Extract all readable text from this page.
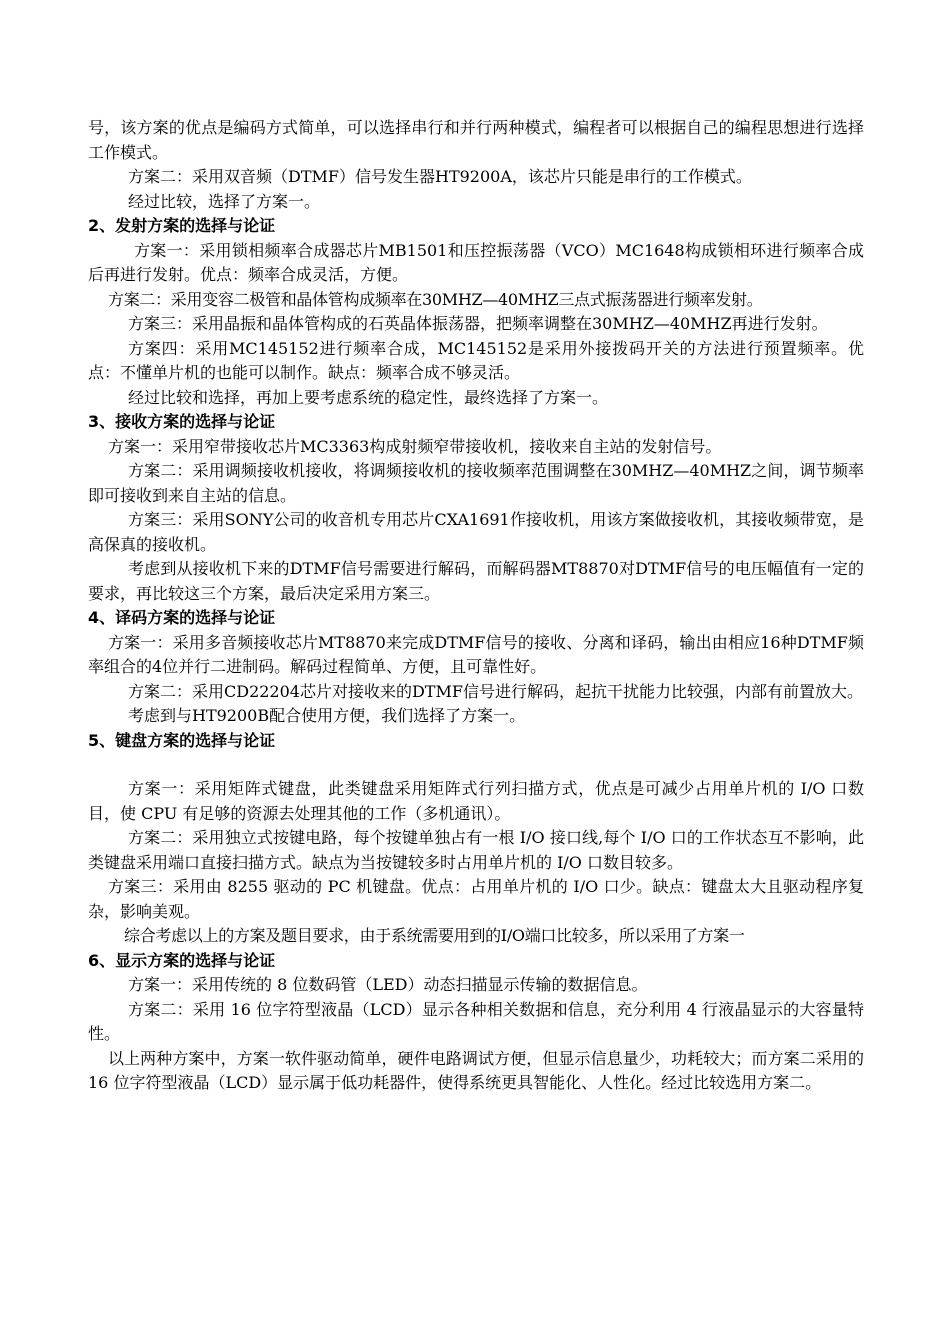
号，该方案的优点是编码方式简单，可以选择串行和并行两种模式，编程者可以根据自己的编程思想进行选择工作模式。

方案二：采用双音频（DTMF）信号发生器HT9200A，该芯片只能是串行的工作模式。

经过比较，选择了方案一。

2、发射方案的选择与论证

方案一：采用锁相频率合成器芯片MB1501和压控振荡器（VCO）MC1648构成锁相环进行频率合成后再进行发射。优点：频率合成灵活，方便。

方案二：采用变容二极管和晶体管构成频率在30MHZ—40MHZ三点式振荡器进行频率发射。

方案三：采用晶振和晶体管构成的石英晶体振荡器，把频率调整在30MHZ—40MHZ再进行发射。

方案四：采用MC145152进行频率合成，MC145152是采用外接拨码开关的方法进行预置频率。优点：不懂单片机的也能可以制作。缺点：频率合成不够灵活。

经过比较和选择，再加上要考虑系统的稳定性，最终选择了方案一。

3、接收方案的选择与论证

方案一：采用窄带接收芯片MC3363构成射频窄带接收机，接收来自主站的发射信号。

方案二：采用调频接收机接收，将调频接收机的接收频率范围调整在30MHZ—40MHZ之间，调节频率即可接收到来自主站的信息。

方案三：采用SONY公司的收音机专用芯片CXA1691作接收机，用该方案做接收机，其接收频带宽，是高保真的接收机。

考虑到从接收机下来的DTMF信号需要进行解码，而解码器MT8870对DTMF信号的电压幅值有一定的要求，再比较这三个方案，最后决定采用方案三。

4、译码方案的选择与论证

方案一：采用多音频接收芯片MT8870来完成DTMF信号的接收、分离和译码，输出由相应16种DTMF频率组合的4位并行二进制码。解码过程简单、方便，且可靠性好。

方案二：采用CD22204芯片对接收来的DTMF信号进行解码，起抗干扰能力比较强，内部有前置放大。

考虑到与HT9200B配合使用方便，我们选择了方案一。

5、键盘方案的选择与论证

方案一：采用矩阵式键盘，此类键盘采用矩阵式行列扫描方式，优点是可减少占用单片机的 I/O 口数目，使 CPU 有足够的资源去处理其他的工作（多机通讯）。

方案二：采用独立式按键电路，每个按键单独占有一根 I/O 接口线,每个 I/O 口的工作状态互不影响，此类键盘采用端口直接扫描方式。缺点为当按键较多时占用单片机的 I/O 口数目较多。

方案三：采用由 8255 驱动的 PC 机键盘。优点：占用单片机的 I/O 口少。缺点：键盘太大且驱动程序复杂，影响美观。

综合考虑以上的方案及题目要求，由于系统需要用到的I/O端口比较多，所以采用了方案一

6、显示方案的选择与论证

方案一：采用传统的 8 位数码管（LED）动态扫描显示传输的数据信息。

方案二：采用 16 位字符型液晶（LCD）显示各种相关数据和信息，充分利用 4 行液晶显示的大容量特性。

以上两种方案中，方案一软件驱动简单，硬件电路调试方便，但显示信息量少，功耗较大；而方案二采用的 16 位字符型液晶（LCD）显示属于低功耗器件，使得系统更具智能化、人性化。经过比较选用方案二。
